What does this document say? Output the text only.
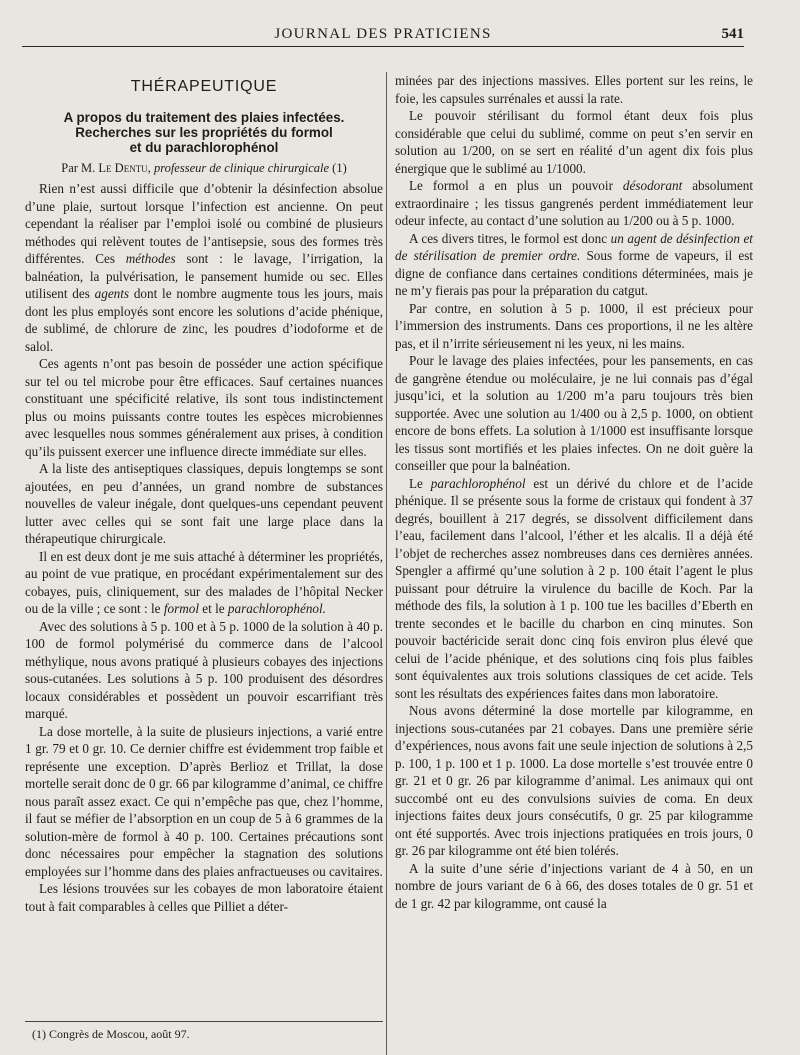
JOURNAL DES PRATICIENS	541
THÉRAPEUTIQUE
A propos du traitement des plaies infectées.
Recherches sur les propriétés du formol
et du parachlorophénol
Par M. Le Dentu, professeur de clinique chirurgicale (1)

Rien n’est aussi difficile que d’obtenir la désinfection absolue d’une plaie, surtout lorsque l’infection est ancienne. On peut cependant la réaliser par l’emploi isolé ou combiné de plusieurs méthodes qui relèvent toutes de l’antisepsie, sous des formes très différentes. Ces méthodes sont : le lavage, l’irrigation, la balnéation, la pulvérisation, le pansement humide ou sec. Elles utilisent des agents dont le nombre augmente tous les jours, mais dont les plus employés sont encore les solutions d’acide phénique, de sublimé, de chlorure de zinc, les poudres d’iodoforme et de salol.

Ces agents n’ont pas besoin de posséder une action spécifique sur tel ou tel microbe pour être efficaces. Sauf certaines nuances constituant une spécificité relative, ils sont tous indistinctement plus ou moins puissants contre toutes les espèces microbiennes avec lesquelles nous sommes généralement aux prises, à condition qu’ils puissent exercer une influence directe immédiate sur elles.

A la liste des antiseptiques classiques, depuis longtemps se sont ajoutées, en peu d’années, un grand nombre de substances nouvelles de valeur inégale, dont quelques-uns cependant peuvent lutter avec celles qui se sont fait une large place dans la thérapeutique chirurgicale.

Il en est deux dont je me suis attaché à déterminer les propriétés, au point de vue pratique, en procédant expérimentalement sur des cobayes, puis, cliniquement, sur des malades de l’hôpital Necker ou de la ville ; ce sont : le formol et le parachlorophénol.

Avec des solutions à 5 p. 100 et à 5 p. 1000 de la solution à 40 p. 100 de formol polymérisé du commerce dans de l’alcool méthylique, nous avons pratiqué à plusieurs cobayes des injections sous-cutanées. Les solutions à 5 p. 100 produisent des désordres locaux considérables et possèdent un pouvoir escarrifiant très marqué.

La dose mortelle, à la suite de plusieurs injections, a varié entre 1 gr. 79 et 0 gr. 10. Ce dernier chiffre est évidemment trop faible et représente une exception. D’après Berlioz et Trillat, la dose mortelle serait donc de 0 gr. 66 par kilogramme d’animal, ce chiffre nous paraît assez exact. Ce qui n’empêche pas que, chez l’homme, il faut se méfier de l’absorption en un coup de 5 à 6 grammes de la solution-mère de formol à 40 p. 100. Certaines précautions sont donc nécessaires pour empêcher la stagnation des solutions employées sur l’homme dans des plaies anfractueuses ou cavitaires.

Les lésions trouvées sur les cobayes de mon laboratoire étaient tout à fait comparables à celles que Pilliet a déter-

minées par des injections massives. Elles portent sur les reins, le foie, les capsules surrénales et aussi la rate.

Le pouvoir stérilisant du formol étant deux fois plus considérable que celui du sublimé, comme on peut s’en servir en solution au 1/200, on se sert en réalité d’un agent dix fois plus énergique que le sublimé au 1/1000.

Le formol a en plus un pouvoir désodorant absolument extraordinaire ; les tissus gangrenés perdent immédiatement leur odeur infecte, au contact d’une solution au 1/200 ou à 5 p. 1000.

A ces divers titres, le formol est donc un agent de désinfection et de stérilisation de premier ordre. Sous forme de vapeurs, il est digne de confiance dans certaines conditions déterminées, mais je ne m’y fierais pas pour la préparation du catgut.

Par contre, en solution à 5 p. 1000, il est précieux pour l’immersion des instruments. Dans ces proportions, il ne les altère pas, et il n’irrite sérieusement ni les yeux, ni les mains.

Pour le lavage des plaies infectées, pour les pansements, en cas de gangrène étendue ou moléculaire, je ne lui connais pas d’égal jusqu’ici, et la solution au 1/200 m’a paru toujours très bien supportée. Avec une solution au 1/400 ou à 2,5 p. 1000, on obtient encore de bons effets. La solution à 1/1000 est insuffisante lorsque les tissus sont mortifiés et les plaies infectes. On ne doit guère la conseiller que pour la balnéation.

Le parachlorophénol est un dérivé du chlore et de l’acide phénique. Il se présente sous la forme de cristaux qui fondent à 37 degrés, bouillent à 217 degrés, se dissolvent difficilement dans l’eau, facilement dans l’alcool, l’éther et les alcalis. Il a déjà été l’objet de recherches assez nombreuses dans ces dernières années. Spengler a affirmé qu’une solution à 2 p. 100 était l’agent le plus puissant pour détruire la virulence du bacille de Koch. Par la méthode des fils, la solution à 1 p. 100 tue les bacilles d’Eberth en trente secondes et le bacille du charbon en cinq minutes. Son pouvoir bactéricide serait donc cinq fois environ plus élevé que celui de l’acide phénique, et des solutions cinq fois plus faibles sont équivalentes aux trois solutions classiques de cet acide. Tels sont les résultats des expériences faites dans mon laboratoire.

Nous avons déterminé la dose mortelle par kilogramme, en injections sous-cutanées par 21 cobayes. Dans une première série d’expériences, nous avons fait une seule injection de solutions à 2,5 p. 100, 1 p. 100 et 1 p. 1000. La dose mortelle s’est trouvée entre 0 gr. 21 et 0 gr. 26 par kilogramme d’animal. Les animaux qui ont succombé ont eu des convulsions suivies de coma. En deux injections faites deux jours consécutifs, 0 gr. 25 par kilogramme ont été supportés. Avec trois injections pratiquées en trois jours, 0 gr. 26 par kilogramme ont été bien tolérés.

A la suite d’une série d’injections variant de 4 à 50, en un nombre de jours variant de 6 à 66, des doses totales de 0 gr. 51 et de 1 gr. 42 par kilogramme, ont causé la

(1) Congrès de Moscou, août 97.
